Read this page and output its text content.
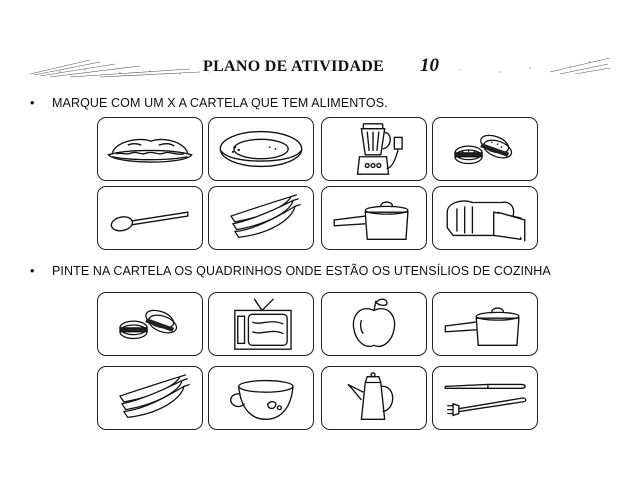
PLANO DE ATIVIDADE 10
• MARQUE COM UM X A CARTELA QUE TEM ALIMENTOS.
• PINTE NA CARTELA OS QUADRINHOS ONDE ESTÃO OS UTENSÍLIOS DE COZINHA
